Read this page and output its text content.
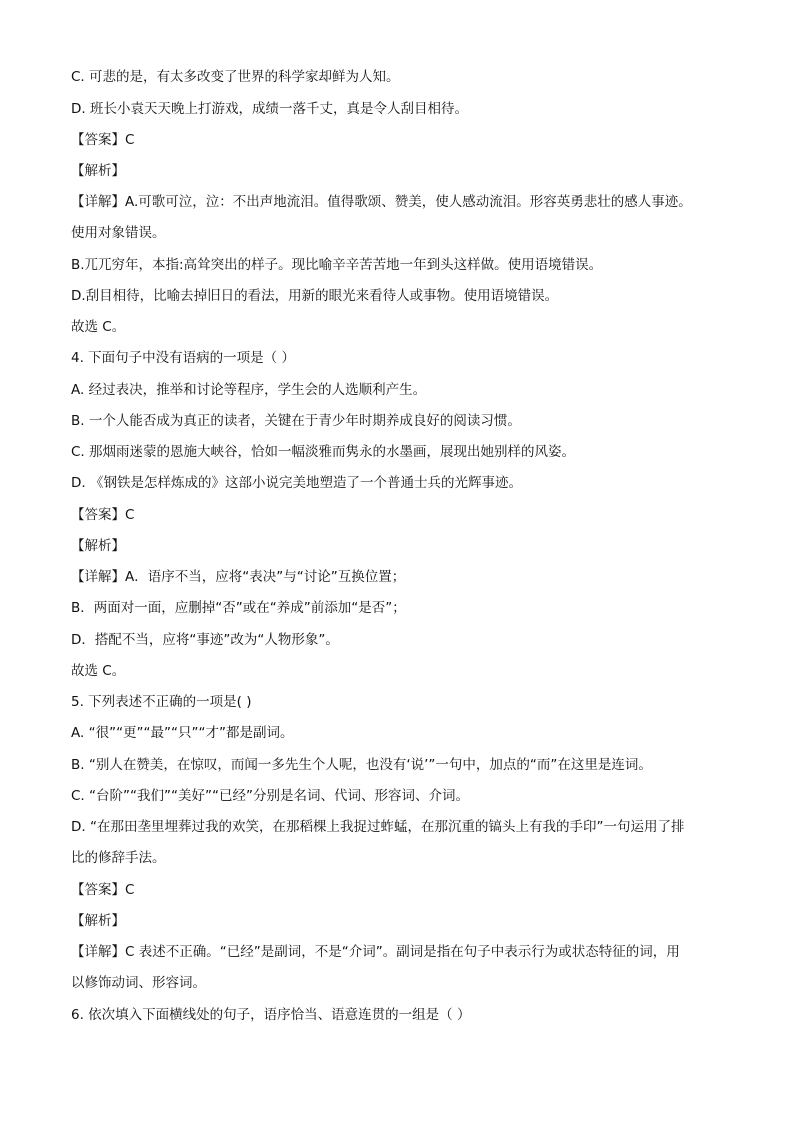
C. 可悲的是，有太多改变了世界的科学家却鲜为人知。
D. 班长小袁天天晚上打游戏，成绩一落千丈，真是令人刮目相待。
【答案】C
【解析】
【详解】A.可歌可泣，泣：不出声地流泪。值得歌颂、赞美，使人感动流泪。形容英勇悲壮的感人事迹。
使用对象错误。
B.兀兀穷年，本指:高耸突出的样子。现比喻辛辛苦苦地一年到头这样做。使用语境错误。
D.刮目相待，比喻去掉旧日的看法，用新的眼光来看待人或事物。使用语境错误。
故选 C。
4. 下面句子中没有语病的一项是（ ）
A. 经过表决，推举和讨论等程序，学生会的人选顺利产生。
B. 一个人能否成为真正的读者，关键在于青少年时期养成良好的阅读习惯。
C. 那烟雨迷蒙的恩施大峡谷，恰如一幅淡雅而隽永的水墨画，展现出她别样的风姿。
D. 《钢铁是怎样炼成的》这部小说完美地塑造了一个普通士兵的光辉事迹。
【答案】C
【解析】
【详解】A．语序不当，应将“表决”与“讨论”互换位置；
B．两面对一面，应删掉“否”或在“养成”前添加“是否”；
D．搭配不当，应将“事迹”改为“人物形象”。
故选 C。
5. 下列表述不正确的一项是( )
A. “很”“更”“最”“只”“才”都是副词。
B. “别人在赞美，在惊叹，而闻一多先生个人呢，也没有‘说’”一句中，加点的“而”在这里是连词。
C. “台阶”“我们”“美好”“已经”分别是名词、代词、形容词、介词。
D. “在那田垄里埋葬过我的欢笑，在那稻棵上我捉过蚱蜢，在那沉重的镐头上有我的手印”一句运用了排
比的修辞手法。
【答案】C
【解析】
【详解】C 表述不正确。“已经”是副词，不是“介词”。副词是指在句子中表示行为或状态特征的词，用
以修饰动词、形容词。
6. 依次填入下面横线处的句子，语序恰当、语意连贯的一组是（ ）
